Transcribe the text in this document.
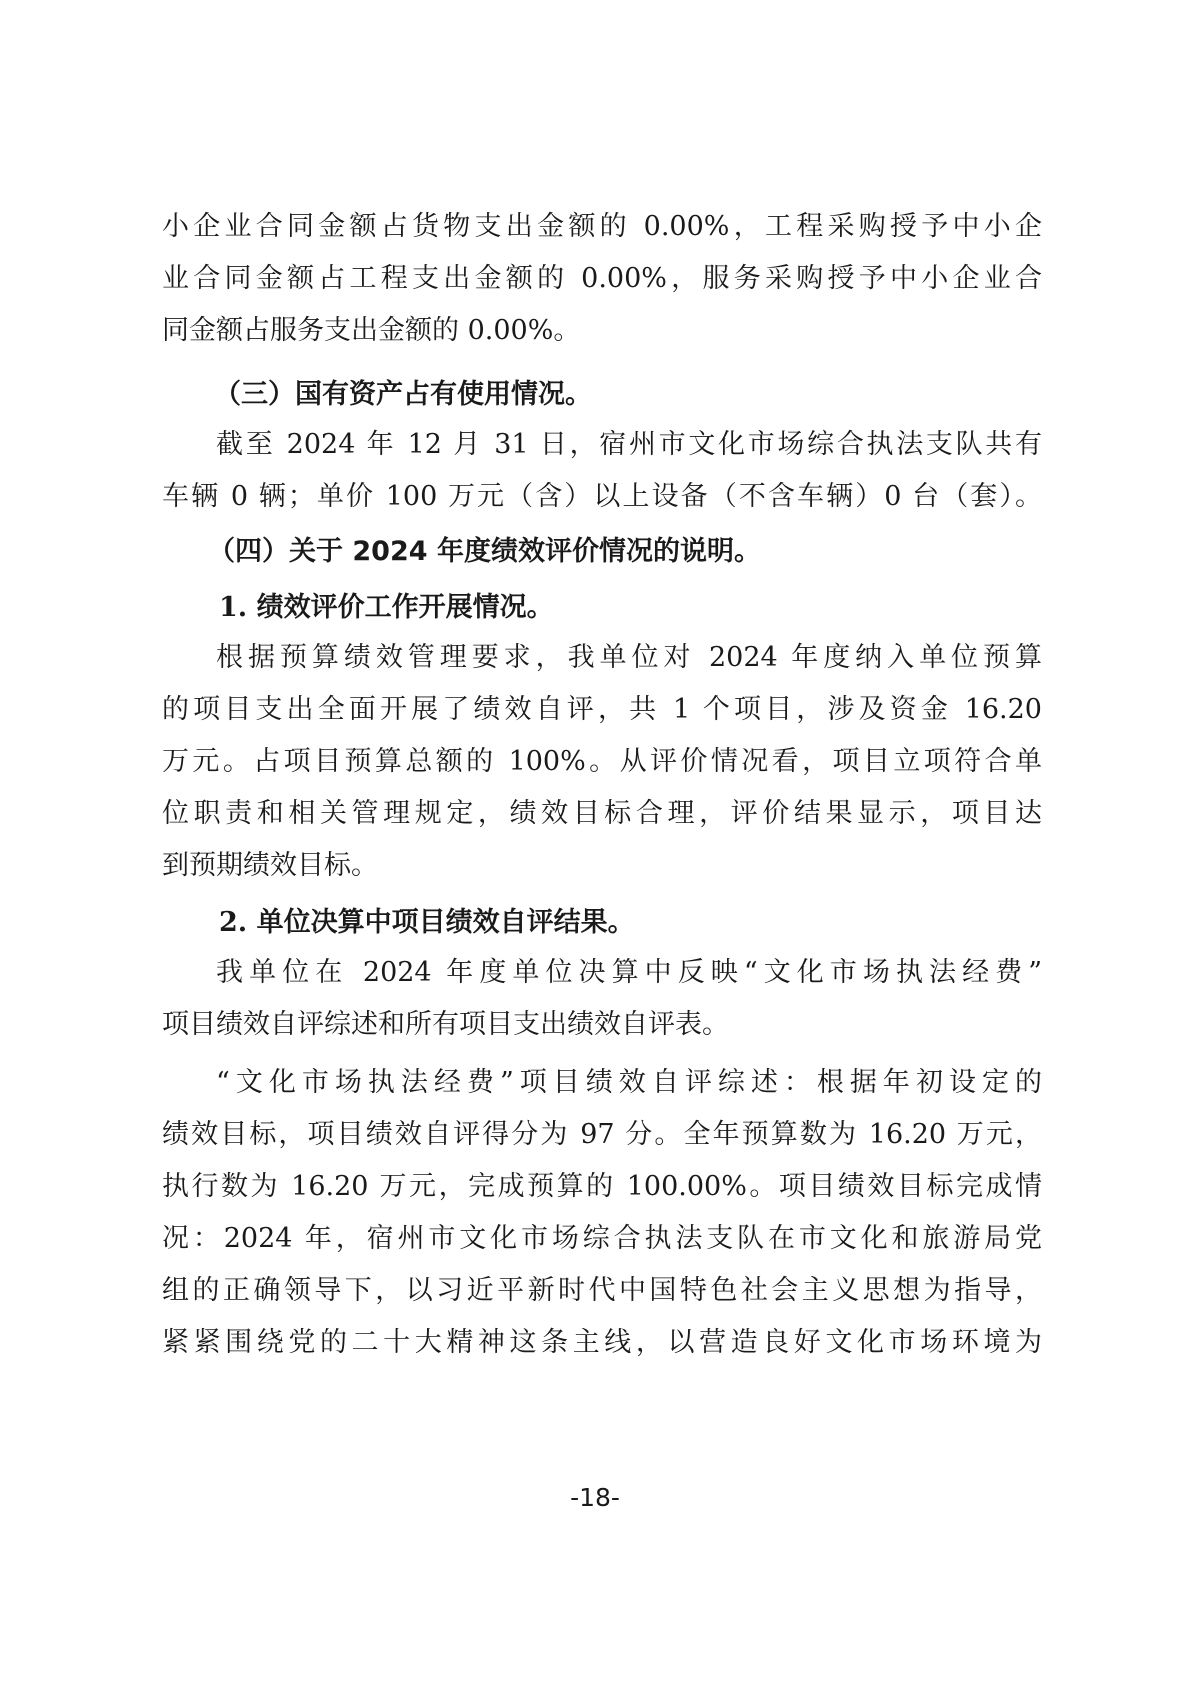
小企业合同金额占货物支出金额的 0.00%，工程采购授予中小企
业合同金额占工程支出金额的 0.00%，服务采购授予中小企业合
同金额占服务支出金额的 0.00%。
（三）国有资产占有使用情况。
截至 2024 年 12 月 31 日，宿州市文化市场综合执法支队共有
车辆 0 辆；单价 100 万元（含）以上设备（不含车辆）0 台（套）。
（四）关于 2024 年度绩效评价情况的说明。
1. 绩效评价工作开展情况。
根据预算绩效管理要求，我单位对 2024 年度纳入单位预算
的项目支出全面开展了绩效自评，共 1 个项目，涉及资金 16.20
万元。占项目预算总额的 100%。从评价情况看，项目立项符合单
位职责和相关管理规定，绩效目标合理，评价结果显示，项目达
到预期绩效目标。
2. 单位决算中项目绩效自评结果。
我单位在 2024 年度单位决算中反映“文化市场执法经费”
项目绩效自评综述和所有项目支出绩效自评表。
“文化市场执法经费”项目绩效自评综述：根据年初设定的
绩效目标，项目绩效自评得分为 97 分。全年预算数为 16.20 万元，
执行数为 16.20 万元，完成预算的 100.00%。项目绩效目标完成情
况：2024 年，宿州市文化市场综合执法支队在市文化和旅游局党
组的正确领导下，以习近平新时代中国特色社会主义思想为指导，
紧紧围绕党的二十大精神这条主线，以营造良好文化市场环境为
-18-
